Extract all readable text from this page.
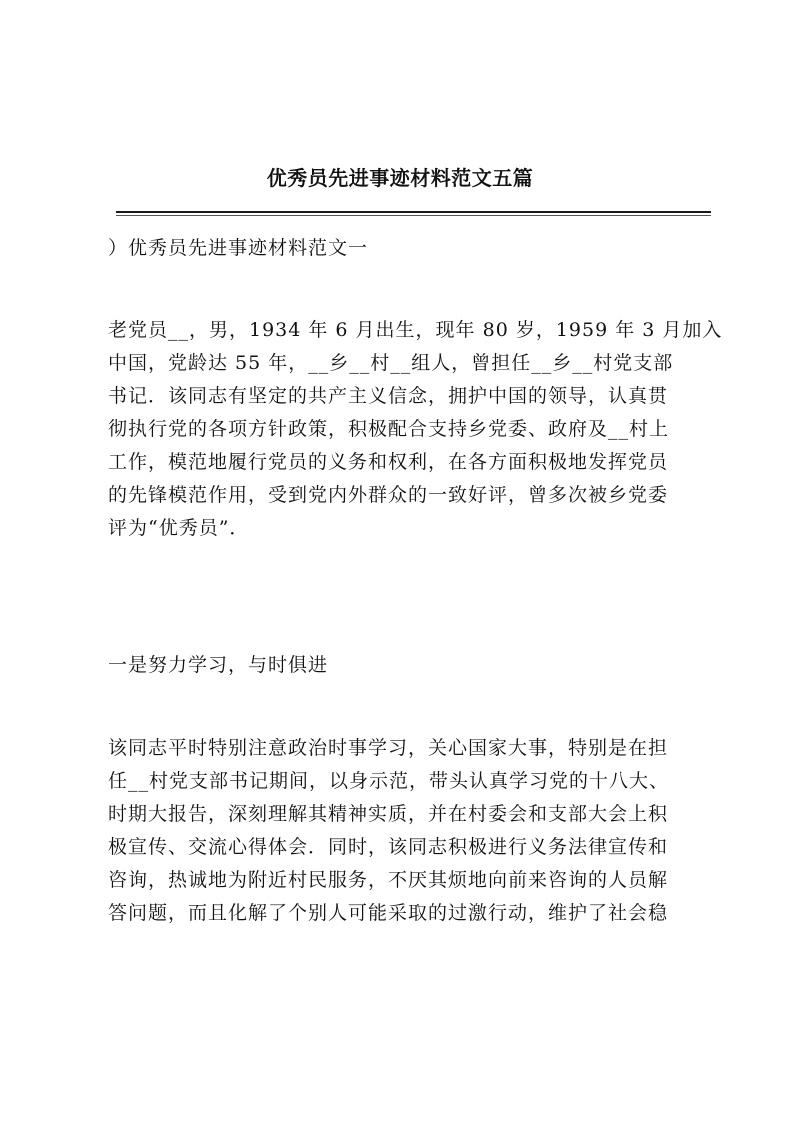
优秀员先进事迹材料范文五篇
）优秀员先进事迹材料范文一
老党员__，男，1934 年 6 月出生，现年 80 岁，1959 年 3 月加入
中国，党龄达 55 年，__乡__村__组人，曾担任__乡__村党支部
书记．该同志有坚定的共产主义信念，拥护中国的领导，认真贯
彻执行党的各项方针政策，积极配合支持乡党委、政府及__村上
工作，模范地履行党员的义务和权利，在各方面积极地发挥党员
的先锋模范作用，受到党内外群众的一致好评，曾多次被乡党委
评为“优秀员”．
一是努力学习，与时俱进
该同志平时特别注意政治时事学习，关心国家大事，特别是在担
任__村党支部书记期间，以身示范，带头认真学习党的十八大、
时期大报告，深刻理解其精神实质，并在村委会和支部大会上积
极宣传、交流心得体会．同时，该同志积极进行义务法律宣传和
咨询，热诚地为附近村民服务，不厌其烦地向前来咨询的人员解
答问题，而且化解了个别人可能采取的过激行动，维护了社会稳
